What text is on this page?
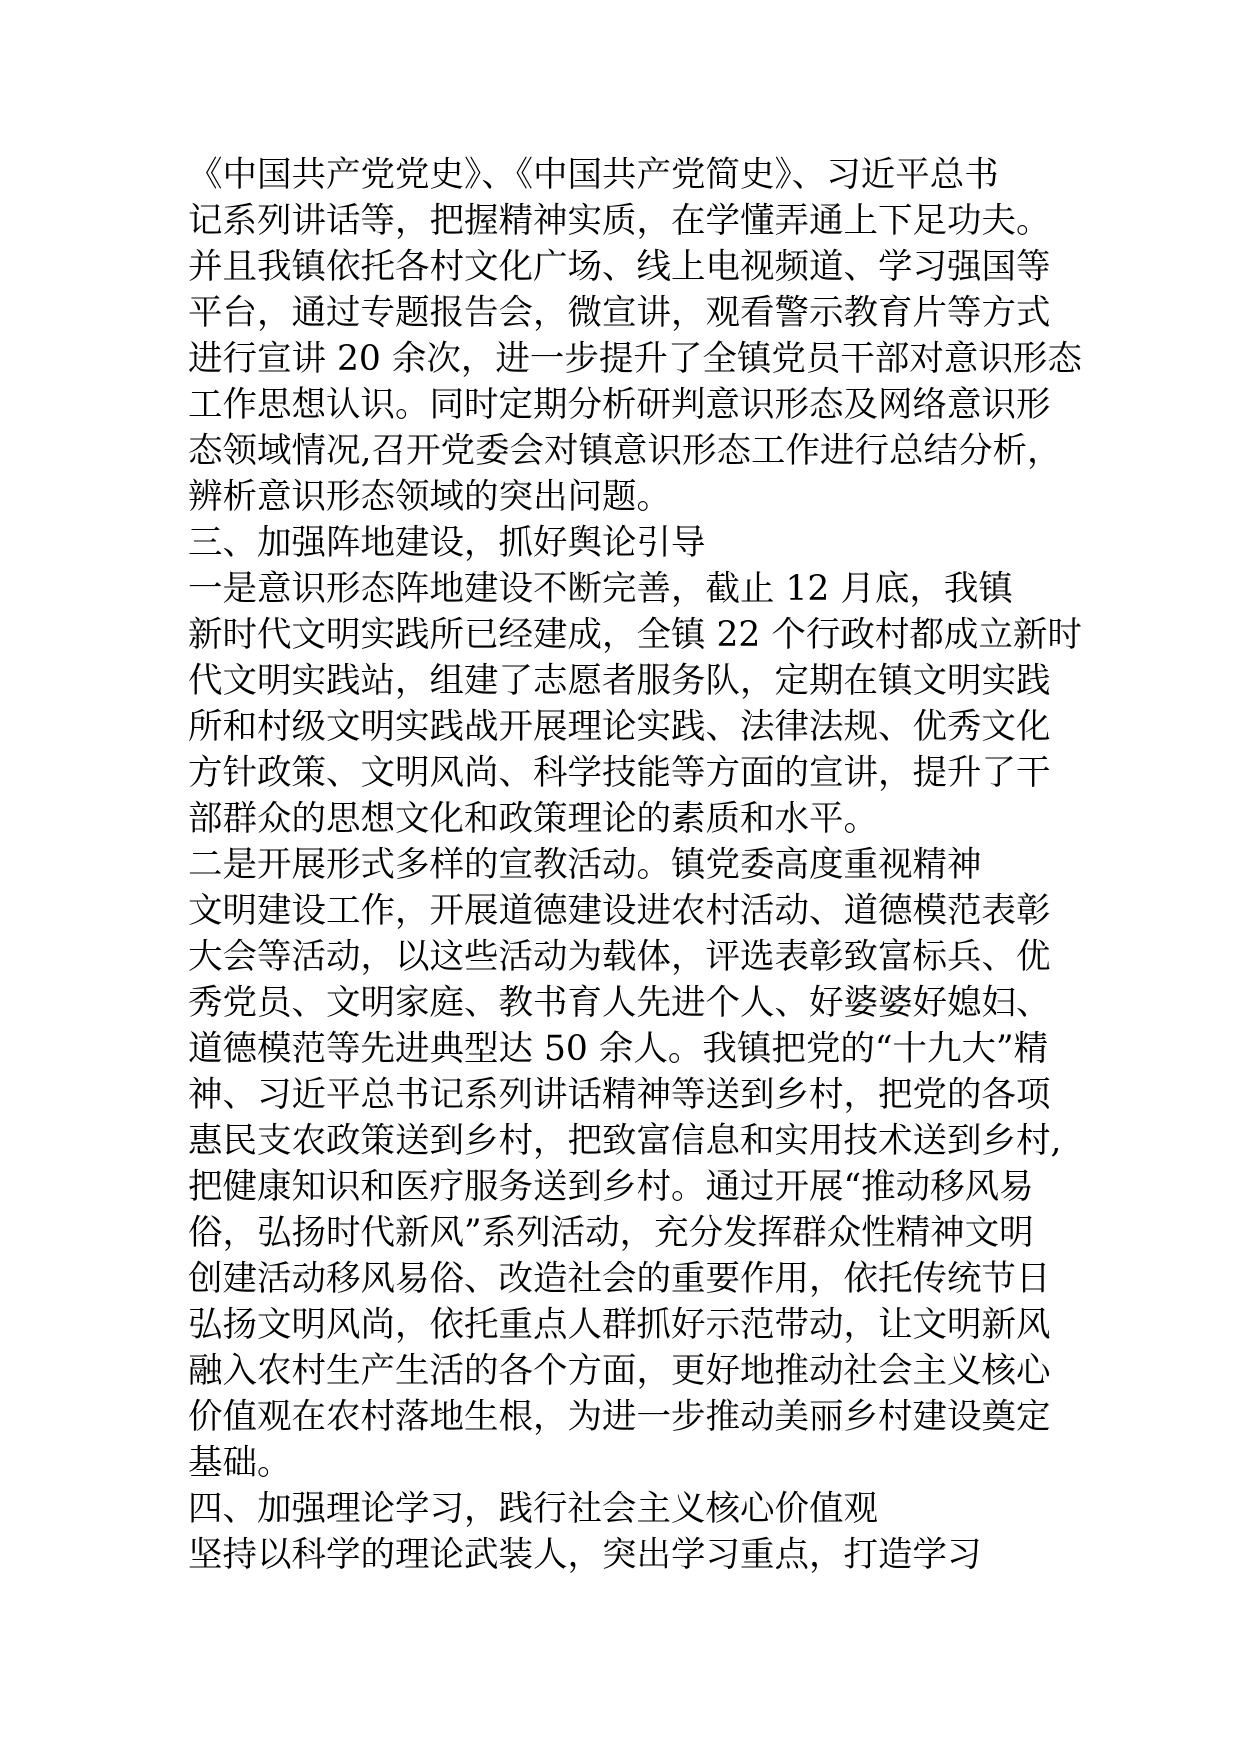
《中国共产党党史》、《中国共产党简史》、习近平总书
记系列讲话等，把握精神实质，在学懂弄通上下足功夫。
并且我镇依托各村文化广场、线上电视频道、学习强国等
平台，通过专题报告会，微宣讲，观看警示教育片等方式
进行宣讲 20 余次，进一步提升了全镇党员干部对意识形态
工作思想认识。同时定期分析研判意识形态及网络意识形
态领域情况,召开党委会对镇意识形态工作进行总结分析，
辨析意识形态领域的突出问题。
三、加强阵地建设，抓好舆论引导
一是意识形态阵地建设不断完善，截止 12 月底，我镇
新时代文明实践所已经建成，全镇 22 个行政村都成立新时
代文明实践站，组建了志愿者服务队，定期在镇文明实践
所和村级文明实践战开展理论实践、法律法规、优秀文化
方针政策、文明风尚、科学技能等方面的宣讲，提升了干
部群众的思想文化和政策理论的素质和水平。
二是开展形式多样的宣教活动。镇党委高度重视精神
文明建设工作，开展道德建设进农村活动、道德模范表彰
大会等活动，以这些活动为载体，评选表彰致富标兵、优
秀党员、文明家庭、教书育人先进个人、好婆婆好媳妇、
道德模范等先进典型达 50 余人。我镇把党的“十九大”精
神、习近平总书记系列讲话精神等送到乡村，把党的各项
惠民支农政策送到乡村，把致富信息和实用技术送到乡村,
把健康知识和医疗服务送到乡村。通过开展“推动移风易
俗，弘扬时代新风”系列活动，充分发挥群众性精神文明
创建活动移风易俗、改造社会的重要作用，依托传统节日
弘扬文明风尚，依托重点人群抓好示范带动，让文明新风
融入农村生产生活的各个方面，更好地推动社会主义核心
价值观在农村落地生根，为进一步推动美丽乡村建设奠定
基础。
四、加强理论学习，践行社会主义核心价值观
坚持以科学的理论武装人，突出学习重点，打造学习
